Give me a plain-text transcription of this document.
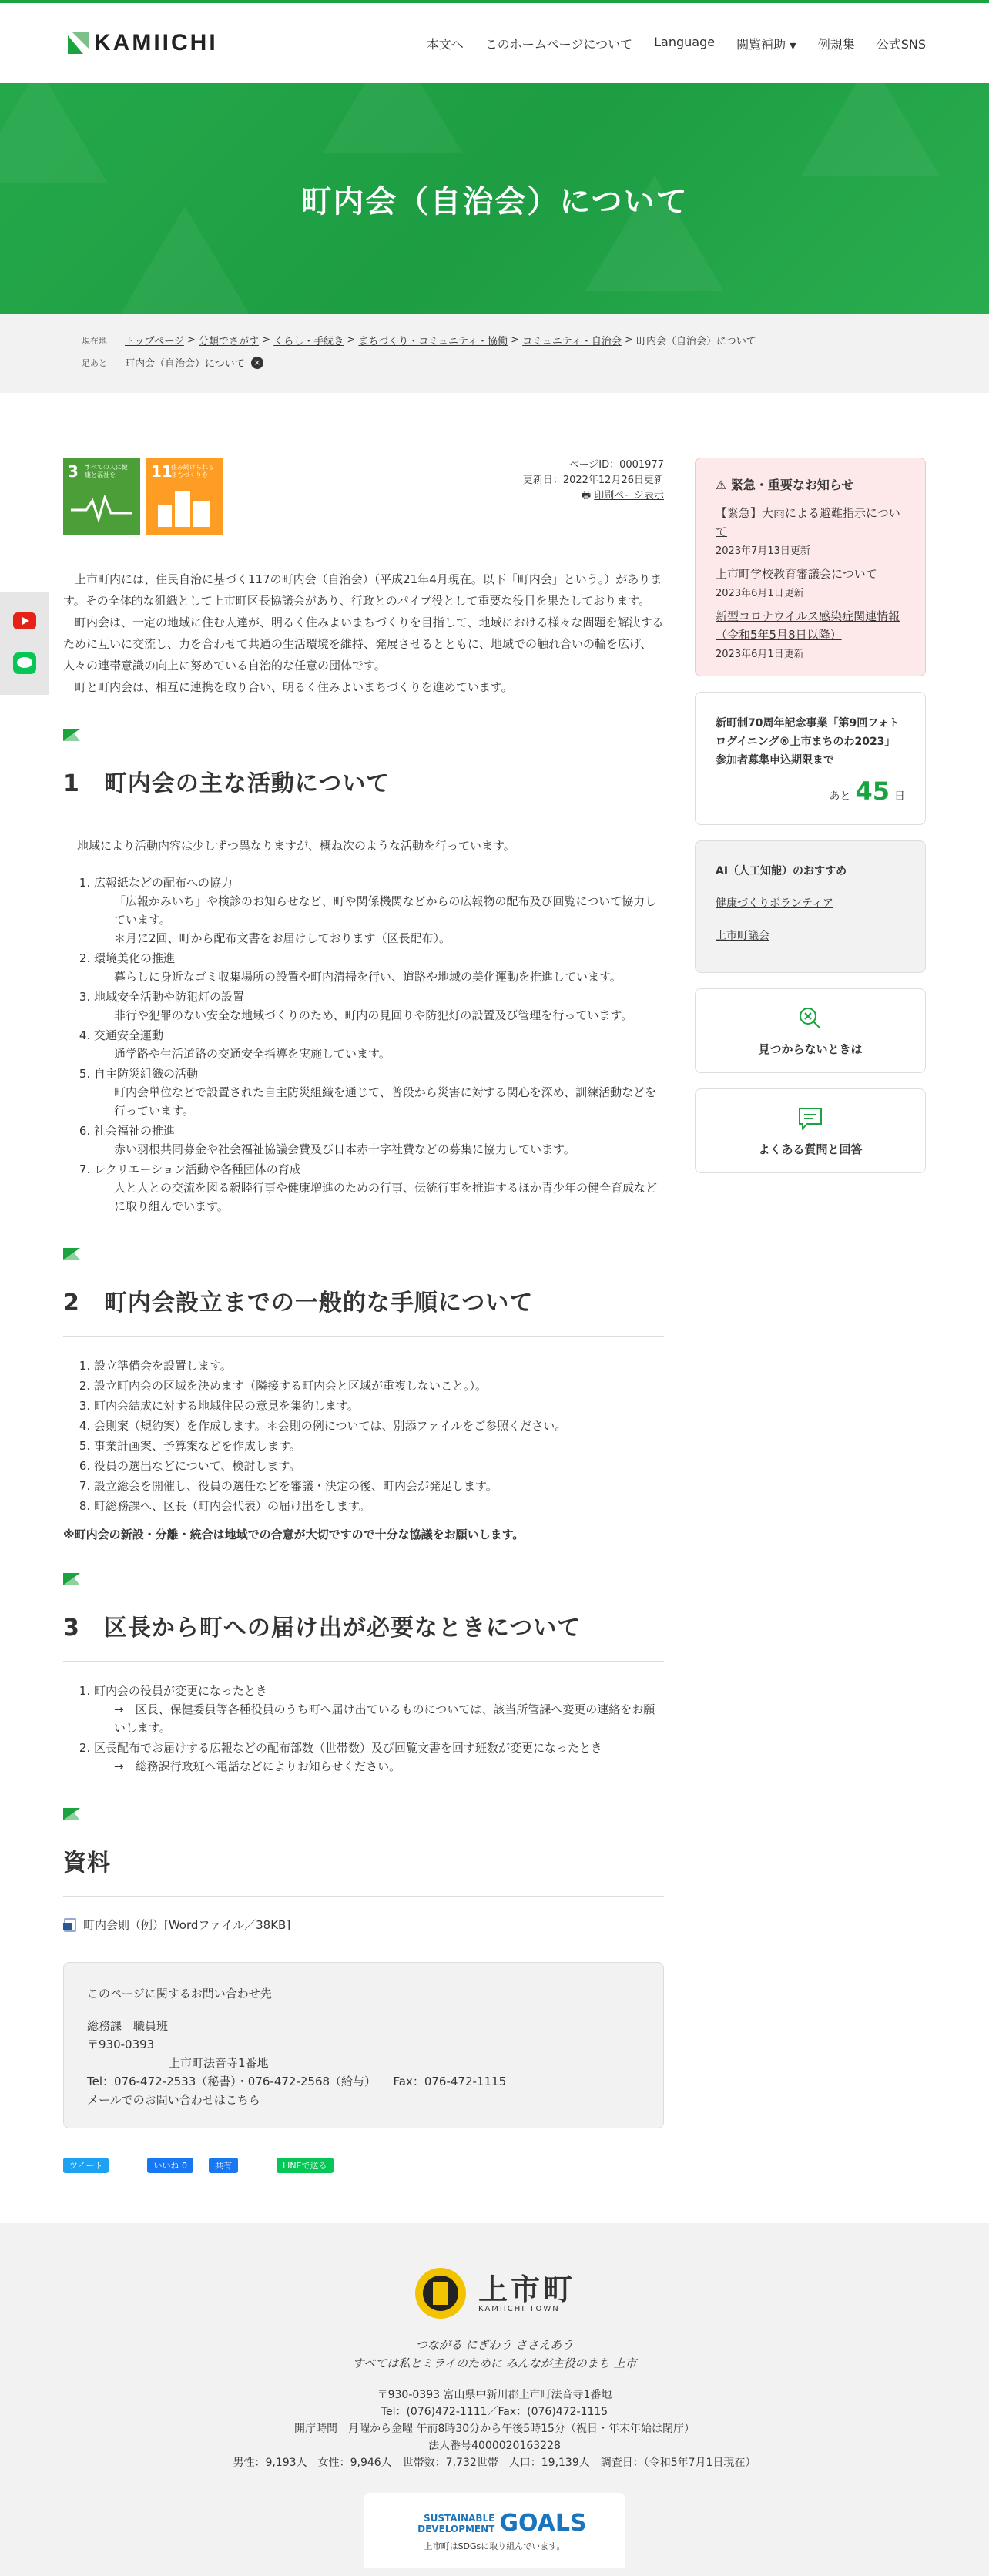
KAMIICHI	本文へ このホームページについて Language 閲覧補助 ▼ 例規集 公式SNS
町内会（自治会）について
現在地	トップページ > 分類でさがす > くらし・手続き > まちづくり・コミュニティ・協働 > コミュニティ・自治会 > 町内会（自治会）について
足あと	町内会（自治会）について	×
3 すべての人に健康と福祉を	11
住み続けられるまちづくりを
ページID：0001977
更新日：2022年12月26日更新
🖶 印刷ページ表示

 上市町内には、住民自治に基づく117の町内会（自治会）（平成21年4月現在。以下「町内会」という。）があります。その全体的な組織として上市町区長協議会があり、行政とのパイプ役として重要な役目を果たしております。
 町内会は、一定の地域に住む人達が、明るく住みよいまちづくりを目指して、地域における様々な問題を解決するために互いに交流し、力を合わせて共通の生活環境を維持、発展させるとともに、地域での触れ合いの輪を広げ、人々の連帯意識の向上に努めている自治的な任意の団体です。
 町と町内会は、相互に連携を取り合い、明るく住みよいまちづくりを進めています。

1　町内会の主な活動について
地域により活動内容は少しずつ異なりますが、概ね次のような活動を行っています。
1. 広報紙などの配布への協力
「広報かみいち」や検診のお知らせなど、町や関係機関などからの広報物の配布及び回覧について協力しています。
＊月に2回、町から配布文書をお届けしております（区長配布）。
2. 環境美化の推進
暮らしに身近なゴミ収集場所の設置や町内清掃を行い、道路や地域の美化運動を推進しています。
3. 地域安全活動や防犯灯の設置
非行や犯罪のない安全な地域づくりのため、町内の見回りや防犯灯の設置及び管理を行っています。
4. 交通安全運動
通学路や生活道路の交通安全指導を実施しています。
5. 自主防災組織の活動
町内会単位などで設置された自主防災組織を通じて、普段から災害に対する関心を深め、訓練活動などを行っています。
6. 社会福祉の推進
赤い羽根共同募金や社会福祉協議会費及び日本赤十字社費などの募集に協力しています。
7. レクリエーション活動や各種団体の育成
人と人との交流を図る親睦行事や健康増進のための行事、伝統行事を推進するほか青少年の健全育成などに取り組んでいます。
2　町内会設立までの一般的な手順について
1. 設立準備会を設置します。
2. 設立町内会の区域を決めます（隣接する町内会と区域が重複しないこと。）。
3. 町内会結成に対する地域住民の意見を集約します。
4. 会則案（規約案）を作成します。＊会則の例については、別添ファイルをご参照ください。
5. 事業計画案、予算案などを作成します。
6. 役員の選出などについて、検討します。
7. 設立総会を開催し、役員の選任などを審議・決定の後、町内会が発足します。
8. 町総務課へ、区長（町内会代表）の届け出をします。
※町内会の新設・分離・統合は地域での合意が大切ですので十分な協議をお願いします。
3　区長から町への届け出が必要なときについて
1. 町内会の役員が変更になったとき
→　区長、保健委員等各種役員のうち町へ届け出ているものについては、該当所管課へ変更の連絡をお願いします。
2. 区長配布でお届けする広報などの配布部数（世帯数）及び回覧文書を回す班数が変更になったとき
→　総務課行政班へ電話などによりお知らせください。
資料
町内会則（例）[Wordファイル／38KB]
このページに関するお問い合わせ先
総務課  職員班
〒930-0393
上市町法音寺1番地
Tel：076-472-2533（秘書）・076-472-2568（給与）　　Fax：076-472-1115
メールでのお問い合わせはこちら
ツイート	いいね 0	共有	LINEで送る
⚠ 緊急・重要なお知らせ
【緊急】大雨による避難指示について
2023年7月13日更新
上市町学校教育審議会について
2023年6月1日更新
新型コロナウイルス感染症関連情報（令和5年5月8日以降）
2023年6月1日更新
新町制70周年記念事業「第9回フォトログイニング®上市まちのわ2023」参加者募集申込期限まで
あと 45 日
AI（人工知能）のおすすめ
健康づくりボランティア
上市町議会
見つからないときは
よくある質問と回答
上市町
KAMIICHI TOWN
つながる にぎわう ささえあう
すべては私とミライのために みんなが主役のまち 上市
〒930-0393 富山県中新川郡上市町法音寺1番地
Tel：(076)472-1111／Fax：(076)472-1115
開庁時間　月曜から金曜 午前8時30分から午後5時15分（祝日・年末年始は閉庁）
法人番号4000020163228
男性：9,193人　女性：9,946人　世帯数：7,732世帯　人口：19,139人　調査日：（令和5年7月1日現在）
SUSTAINABLE DEVELOPMENT GOALS
上市町はSDGsに取り組んでいます。
